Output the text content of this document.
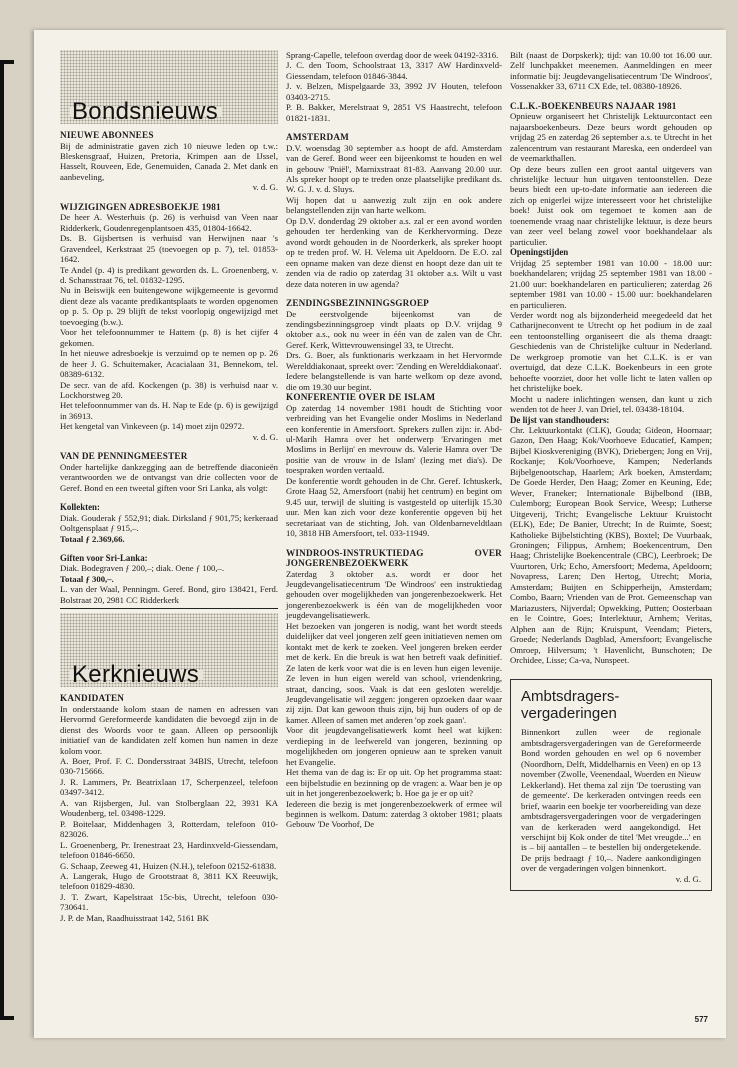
Bondsnieuws
NIEUWE ABONNEES

Bij de administratie gaven zich 10 nieuwe leden op t.w.: Bleskensgraaf, Huizen, Pretoria, Krimpen aan de IJssel, Hasselt, Rouveen, Ede, Genemuiden, Canada 2. Met dank en aanbeveling,

v. d. G.

WIJZIGINGEN ADRESBOEKJE 1981

De heer A. Westerhuis (p. 26) is verhuisd van Veen naar Ridderkerk, Goudenregenplantsoen 435, 01804-16642.

Ds. B. Gijsbertsen is verhuisd van Herwijnen naar 's Gravendeel, Kerkstraat 25 (toevoegen op p. 7), tel. 01853-1642.

Te Andel (p. 4) is predikant geworden ds. L. Groenenberg, v. d. Schansstraat 76, tel. 01832-1295.

Nu in Beiswijk een buitengewone wijkgemeente is gevormd dient deze als vacante predikantsplaats te worden opgenomen op p. 5. Op p. 29 blijft de tekst voorlopig ongewijzigd met toevoeging (b.w.).

Voor het telefoonnummer te Hattem (p. 8) is het cijfer 4 gekomen.

In het nieuwe adresboekje is verzuimd op te nemen op p. 26 de heer J. G. Schuitemaker, Acacialaan 31, Bennekom, tel. 08389-6132.

De secr. van de afd. Kockengen (p. 38) is verhuisd naar v. Lockhorstweg 20.

Het telefoonnummer van ds. H. Nap te Ede (p. 6) is gewijzigd in 36913.

Het kengetal van Vinkeveen (p. 14) moet zijn 02972.

v. d. G.

VAN DE PENNINGMEESTER

Onder hartelijke dankzegging aan de betreffende diaconieën verantwoorden we de ontvangst van drie collecten voor de Geref. Bond en een tweetal giften voor Sri Lanka, als volgt:

Kollekten:

Diak. Gouderak ƒ 552,91; diak. Dirksland ƒ 901,75; kerkeraad Ooltgensplaat ƒ 915,–.

Totaal ƒ 2.369,66.

Giften voor Sri-Lanka:

Diak. Bodegraven ƒ 200,–; diak. Oene ƒ 100,–.

Totaal ƒ 300,–.

L. van der Waal, Penningm. Geref. Bond, giro 138421, Ferd. Bolstraat 20, 2981 CC Ridderkerk

Kerknieuws
KANDIDATEN

In onderstaande kolom staan de namen en adressen van Hervormd Gereformeerde kandidaten die bevoegd zijn in de dienst des Woords voor te gaan. Alleen op persoonlijk initiatief van de kandidaten zelf komen hun namen in deze kolom voor.

A. Boer, Prof. F. C. Dondersstraat 34BIS, Utrecht, telefoon 030-715666.

J. R. Lammers, Pr. Beatrixlaan 17, Scherpenzeel, telefoon 03497-3412.

A. van Rijsbergen, Jul. van Stolberglaan 22, 3931 KA Woudenberg, tel. 03498-1229.

P. Boitelaar, Middenhagen 3, Rotterdam, telefoon 010-823026.

L. Groenenberg, Pr. Irenestraat 23, Hardinxveld-Giessendam, telefoon 01846-6650.

G. Schaap, Zeeweg 41, Huizen (N.H.), telefoon 02152-61838.

A. Langerak, Hugo de Grootstraat 8, 3811 KX Reeuwijk, telefoon 01829-4830.

J. T. Zwart, Kapelstraat 15c-bis, Utrecht, telefoon 030-730641.

J. P. de Man, Raadhuisstraat 142, 5161 BK

Sprang-Capelle, telefoon overdag door de week 04192-3316.

J. C. den Toom, Schoolstraat 13, 3317 AW Hardinxveld-Giessendam, telefoon 01846-3844.

J. v. Belzen, Mispelgaarde 33, 3992 JV Houten, telefoon 03403-2715.

P. B. Bakker, Merelstraat 9, 2851 VS Haastrecht, telefoon 01821-1831.

AMSTERDAM

D.V. woensdag 30 september a.s hoopt de afd. Amsterdam van de Geref. Bond weer een bijeenkomst te houden en wel in gebouw 'Pniël', Marnixstraat 81-83. Aanvang 20.00 uur. Als spreker hoopt op te treden onze plaatselijke predikant ds. W. G. J. v. d. Sluys.

Wij hopen dat u aanwezig zult zijn en ook andere belangstellenden zijn van harte welkom.

Op D.V. donderdag 29 oktober a.s. zal er een avond worden gehouden ter herdenking van de Kerkhervorming. Deze avond wordt gehouden in de Noorderkerk, als spreker hoopt op te treden prof. W. H. Velema uit Apeldoorn. De E.O. zal een opname maken van deze dienst en hoopt deze dan uit te zenden via de radio op zaterdag 31 oktober a.s. Wilt u vast deze data noteren in uw agenda?

ZENDINGSBEZINNINGSGROEP

De eerstvolgende bijeenkomst van de zendingsbezinningsgroep vindt plaats op D.V. vrijdag 9 oktober a.s., ook nu weer in één van de zalen van de Chr. Geref. Kerk, Wittevrouwensingel 33, te Utrecht.

Drs. G. Boer, als funktionaris werkzaam in het Hervormde Werelddiakonaat, spreekt over: 'Zending en Werelddiakonaat'.

Iedere belangstellende is van harte welkom op deze avond, die om 19.30 uur begint.

KONFERENTIE OVER DE ISLAM

Op zaterdag 14 november 1981 houdt de Stichting voor verbreiding van het Evangelie onder Moslims in Nederland een konferentie in Amersfoort. Sprekers zullen zijn: ir. Abd-ul-Marih Hamra over het onderwerp 'Ervaringen met Moslims in Berlijn' en mevrouw ds. Valerie Hamra over 'De positie van de vrouw in de Islam' (lezing met dia's). De toespraken worden vertaald.

De konferentie wordt gehouden in de Chr. Geref. Ichtuskerk, Grote Haag 52, Amersfoort (nabij het centrum) en begint om 9.45 uur, terwijl de sluiting is vastgesteld op uiterlijk 15.30 uur. Men kan zich voor deze konferentie opgeven bij het secretariaat van de stichting, Joh. van Oldenbarneveldtlaan 10, 3818 HB Amersfoort, tel. 033-11949.

WINDROOS-INSTRUKTIEDAG	OVER
JONGERENBEZOEKWERK

Zaterdag 3 oktober a.s. wordt er door het Jeugdevangelisatiecentrum 'De Windroos' een instruktiedag gehouden over mogelijkheden van jongerenbezoekwerk. Het jongerenbezoekwerk is één van de mogelijkheden voor jeugdevangelisatiewerk.

Het bezoeken van jongeren is nodig, want het wordt steeds duidelijker dat veel jongeren zelf geen initiatieven nemen om kontakt met de kerk te zoeken. Veel jongeren breken eerder met de kerk. En die breuk is wat hen betreft vaak definitief. Ze laten de kerk voor wat die is en leven hun eigen levenije. Ze leven in hun eigen wereld van school, vriendenkring, straat, dancing, soos. Vaak is dat een gesloten wereldje. Jeugdevangelisatie wil zeggen: jongeren opzoeken daar waar zij zijn. Dat kan gewoon thuis zijn, bij hun ouders of op de kamer. Alleen of samen met anderen 'op zoek gaan'.

Voor dit jeugdevangelisatiewerk komt heel wat kijken: verdieping in de leefwereld van jongeren, bezinning op mogelijkheden om jongeren opnieuw aan te spreken vanuit het Evangelie.

Het thema van de dag is: Er op uit. Op het programma staat: een bijbelstudie en bezinning op de vragen: a. Waar ben je op uit in het jongerenbezoekwerk; b. Hoe ga je er op uit?

Iedereen die bezig is met jongerenbezoekwerk of ermee wil beginnen is welkom. Datum: zaterdag 3 oktober 1981; plaats Gebouw 'De Voorhof, De

Bilt (naast de Dorpskerk); tijd: van 10.00 tot 16.00 uur. Zelf lunchpakket meenemen. Aanmeldingen en meer informatie bij: Jeugdevangelisatiecentrum 'De Windroos', Vossenakker 33, 6711 CX Ede, tel. 08380-18926.

C.L.K.-BOEKENBEURS NAJAAR 1981

Opnieuw organiseert het Christelijk Lektuurcontact een najaarsboekenbeurs. Deze beurs wordt gehouden op vrijdag 25 en zaterdag 26 september a.s. te Utrecht in het zalencentrum van restaurant Mareska, een onderdeel van de veemarkthallen.

Op deze beurs zullen een groot aantal uitgevers van christelijke lectuur hun uitgaven tentoonstellen. Deze beurs biedt een up-to-date informatie aan iedereen die zich op enigerlei wijze interesseert voor het christelijke boek! Juist ook om tegemoet te komen aan de toenemende vraag naar christelijke lektuur, is deze beurs van zeer veel belang zowel voor boekhandelaar als particulier.

Openingstijden

Vrijdag 25 september 1981 van 10.00 - 18.00 uur: boekhandelaren; vrijdag 25 september 1981 van 18.00 - 21.00 uur: boekhandelaren en particulieren; zaterdag 26 september 1981 van 10.00 - 15.00 uur: boekhandelaren en particulieren.

Verder wordt nog als bijzonderheid meegedeeld dat het Catharijneconvent te Utrecht op het podium in de zaal een tentoonstelling organiseert die als thema draagt: Geschiedenis van de Christelijke cultuur in Nederland. De werkgroep promotie van het C.L.K. is er van overtuigd, dat deze C.L.K. Boekenbeurs in een grote behoefte voorziet, door het volle licht te laten vallen op het christelijke boek.

Mocht u nadere inlichtingen wensen, dan kunt u zich wenden tot de heer J. van Driel, tel. 03438-18104.

De lijst van standhouders:

Chr. Lektuurkontakt (CLK), Gouda; Gideon, Hoornaar; Gazon, Den Haag; Kok/Voorhoeve Educatief, Kampen; Bijbel Kioskvereniging (BVK), Driebergen; Jong en Vrij, Rockanje; Kok/Voorhoeve, Kampen; Nederlands Bijbelgenootschap, Haarlem; Ark boeken, Amsterdam; De Goede Herder, Den Haag; Zomer en Keuning, Ede; Wever, Franeker; Internationale Bijbelbond (IBB, Culemborg; European Book Service, Weesp; Lutherse Uitgeverij, Tricht; Evangelische Lektuur Kruistocht (ELK), Ede; De Banier, Utrecht; In de Ruimte, Soest; Katholieke Bijbelstichting (KBS), Boxtel; De Vuurbaak, Groningen; Filippus, Arnhem; Boekencentrum, Den Haag; Christelijke Boekencentrale (CBC), Leerbroek; De Vuurtoren, Urk; Echo, Amersfoort; Medema, Apeldoorn; Novapress, Laren; Den Hertog, Utrecht; Moria, Amsterdam; Buijten en Schipperheijn, Amsterdam; Combo, Baarn; Vrienden van de Prot. Gemeenschap van Mariazusters, Nijverdal; Opwekking, Putten; Oosterbaan en le Cointre, Goes; Interlektuur, Arnhem; Veritas, Alphen aan de Rijn; Kruispunt, Veendam; Pieters, Groede; Nederlands Dagblad, Amersfoort; Evangelische Omroep, Hilversum; 't Havenlicht, Bunschoten; De Orchidee, Lisse; Ca-va, Nunspeet.

Ambtsdragers-
vergaderingen

Binnenkort zullen weer de regionale ambtsdragersvergaderingen van de Gereformeerde Bond worden gehouden en wel op 6 november (Noordhorn, Delft, Middelharnis en Veen) en op 13 november (Zwolle, Veenendaal, Woerden en Nieuw Lekkerland). Het thema zal zijn 'De toerusting van de gemeente'. De kerkeraden ontvingen reeds een brief, waarin een boekje ter voorbereiding van deze ambtsdragersvergaderingen voor de vergaderingen van de kerkeraden werd aangekondigd. Het verschijnt bij Kok onder de titel 'Met vreugde...' en is – bij aantallen – te bestellen bij ondergetekende. De prijs bedraagt ƒ 10,–. Nadere aankondigingen over de vergaderingen volgen binnenkort.

v. d. G.

577
